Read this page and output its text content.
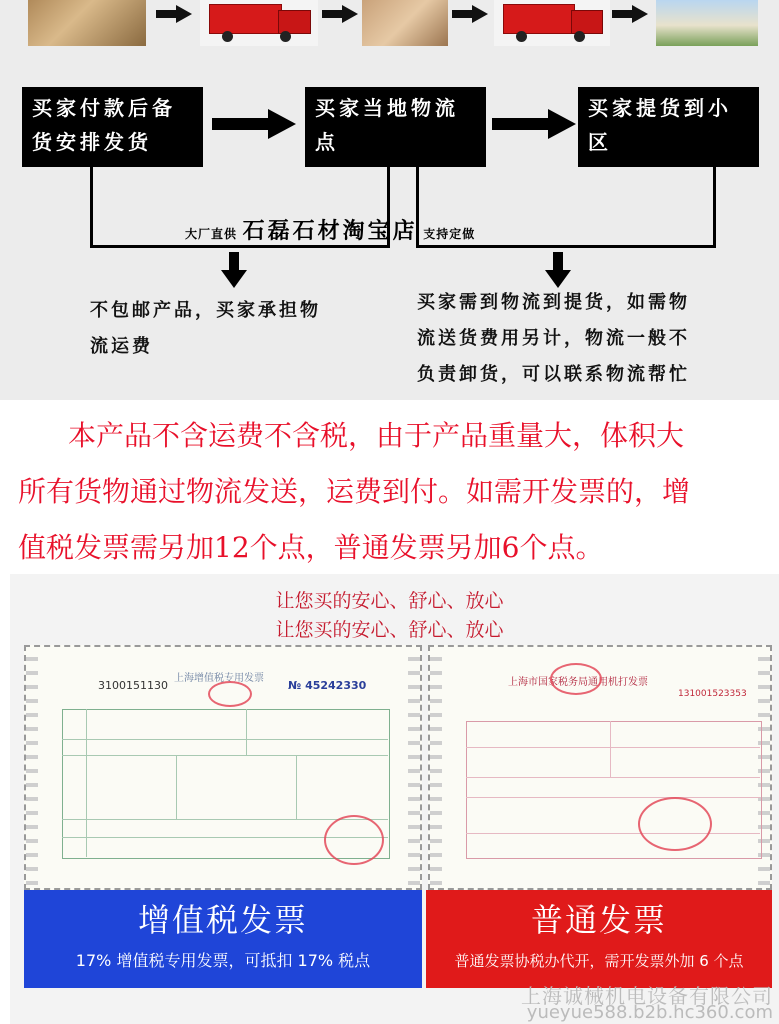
买家付款后备货安排发货
买家当地物流点
买家提货到小区
大厂直供 石磊石材淘宝店 支持定做
不包邮产品，买家承担物
流运费
买家需到物流到提货，如需物
流送货费用另计，物流一般不
负责卸货，可以联系物流帮忙

本产品不含运费不含税，由于产品重量大，体积大

所有货物通过物流发送，运费到付。如需开发票的，增

值税发票需另加12个点，普通发票另加6个点。

让您买的安心、舒心、放心
让您买的安心、舒心、放心
3100151130
上海增值税专用发票
№ 45242330	上海市国家税务局通用机打发票
131001523353
增值税发票
17% 增值税专用发票，可抵扣 17% 税点
普通发票
普通发票协税办代开，需开发票外加 6 个点
上海诚械机电设备有限公司
yueyue588.b2b.hc360.com
